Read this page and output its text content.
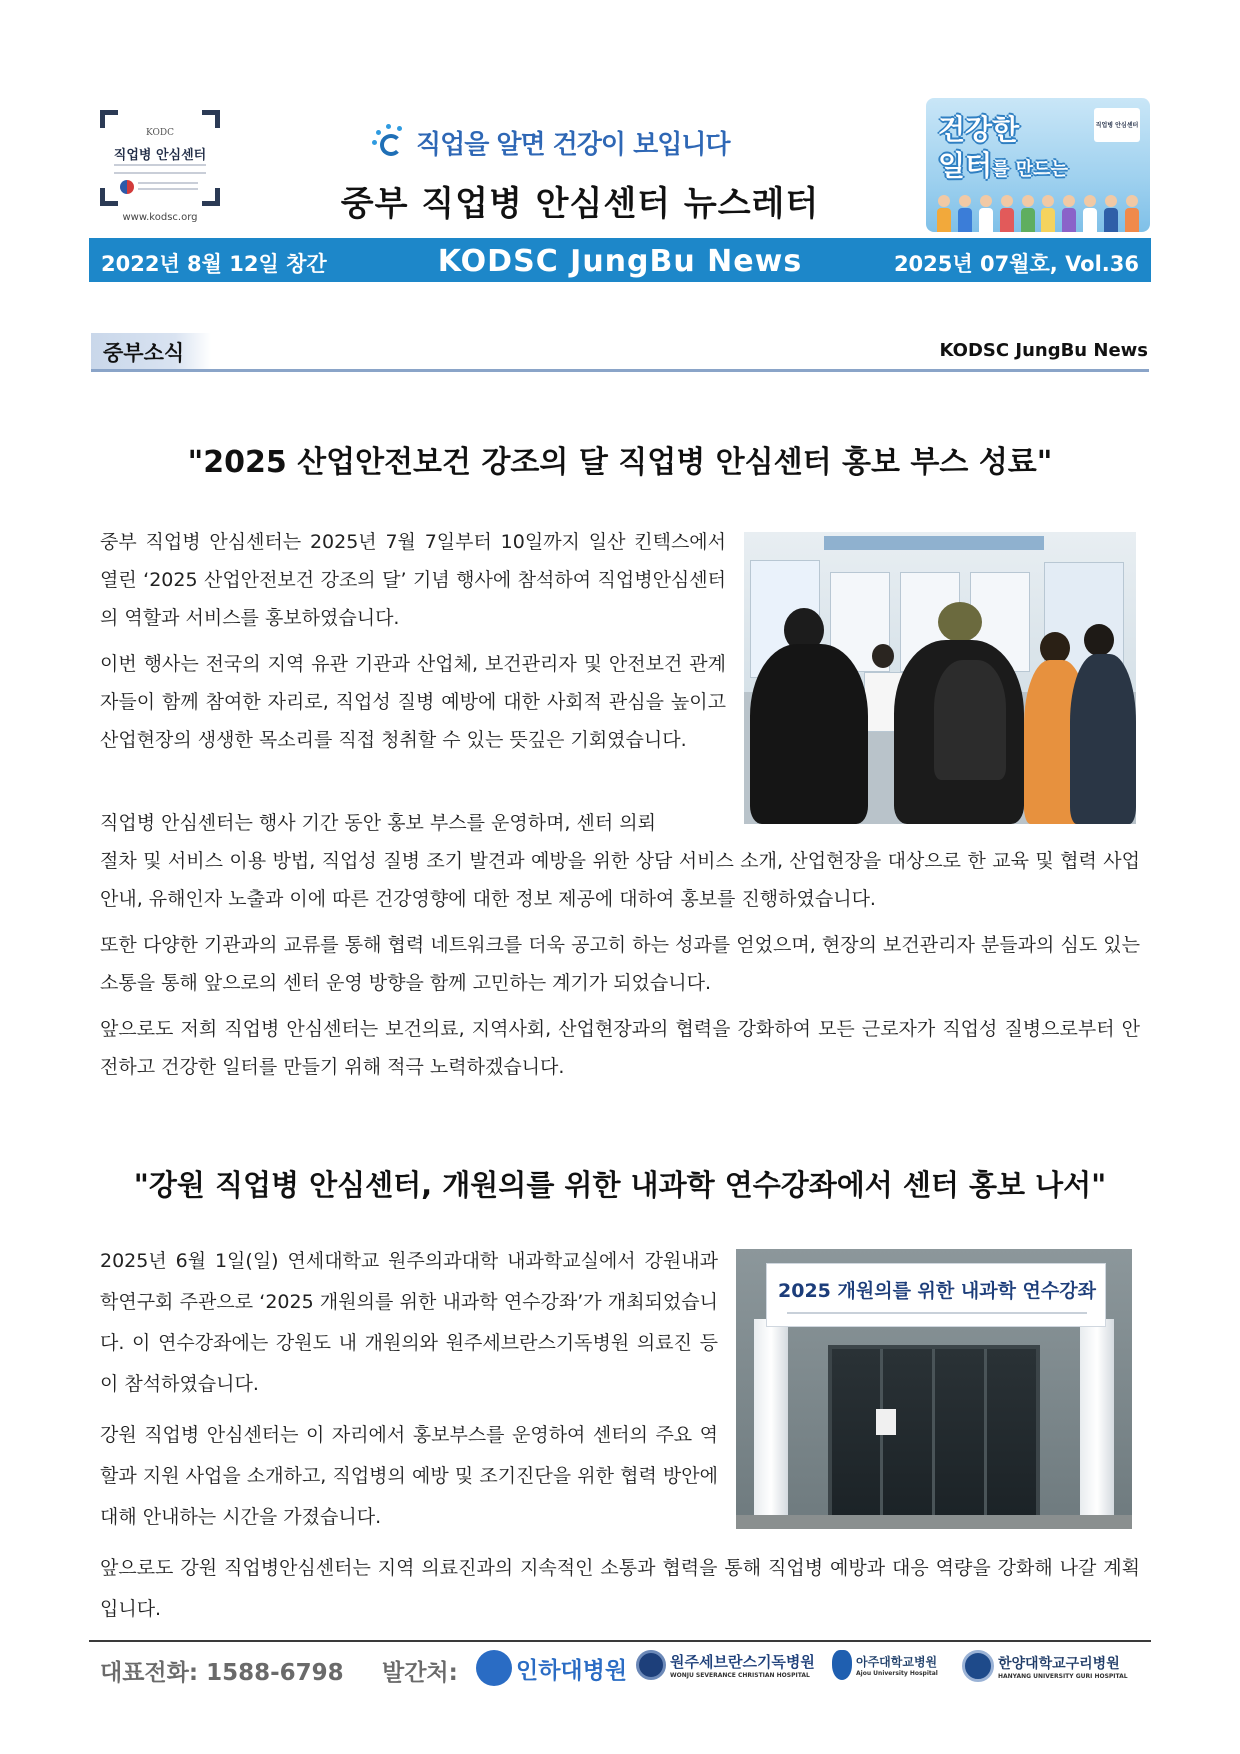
KODC
직업병 안심센터
www.kodsc.org
직업을 알면 건강이 보입니다
중부 직업병 안심센터 뉴스레터
건강한
일터를 만드는
직업병 안심센터
2022년 8월 12일 창간	KODSC JungBu News	2025년 07월호, Vol.36
중부소식	KODSC JungBu News
"2025 산업안전보건 강조의 달 직업병 안심센터 홍보 부스 성료"
중부 직업병 안심센터는 2025년 7월 7일부터 10일까지 일산 킨텍스에서 열린 ‘2025 산업안전보건 강조의 달’ 기념 행사에 참석하여 직업병안심센터의 역할과 서비스를 홍보하였습니다.
이번 행사는 전국의 지역 유관 기관과 산업체, 보건관리자 및 안전보건 관계자들이 함께 참여한 자리로, 직업성 질병 예방에 대한 사회적 관심을 높이고 산업현장의 생생한 목소리를 직접 청취할 수 있는 뜻깊은 기회였습니다.
직업병 안심센터는 행사 기간 동안 홍보 부스를 운영하며, 센터 의뢰
절차 및 서비스 이용 방법, 직업성 질병 조기 발견과 예방을 위한 상담 서비스 소개, 산업현장을 대상으로 한 교육 및 협력 사업 안내, 유해인자 노출과 이에 따른 건강영향에 대한 정보 제공에 대하여 홍보를 진행하였습니다.
또한 다양한 기관과의 교류를 통해 협력 네트워크를 더욱 공고히 하는 성과를 얻었으며, 현장의 보건관리자 분들과의 심도 있는 소통을 통해 앞으로의 센터 운영 방향을 함께 고민하는 계기가 되었습니다.
앞으로도 저희 직업병 안심센터는 보건의료, 지역사회, 산업현장과의 협력을 강화하여 모든 근로자가 직업성 질병으로부터 안전하고 건강한 일터를 만들기 위해 적극 노력하겠습니다.
"강원 직업병 안심센터, 개원의를 위한 내과학 연수강좌에서 센터 홍보 나서"
2025년 6월 1일(일) 연세대학교 원주의과대학 내과학교실에서 강원내과학연구회 주관으로 ‘2025 개원의를 위한 내과학 연수강좌’가 개최되었습니다. 이 연수강좌에는 강원도 내 개원의와 원주세브란스기독병원 의료진 등이 참석하였습니다.
강원 직업병 안심센터는 이 자리에서 홍보부스를 운영하여 센터의 주요 역할과 지원 사업을 소개하고, 직업병의 예방 및 조기진단을 위한 협력 방안에 대해 안내하는 시간을 가졌습니다.
앞으로도 강원 직업병안심센터는 지역 의료진과의 지속적인 소통과 협력을 통해 직업병 예방과 대응 역량을 강화해 나갈 계획입니다.
2025 개원의를 위한 내과학 연수강좌
대표전화: 1588-6798 발간처:	인하대병원	원주세브란스기독병원
WONJU SEVERANCE CHRISTIAN HOSPITAL
아주대학교병원
Ajou University Hospital
한양대학교구리병원
HANYANG UNIVERSITY GURI HOSPITAL
